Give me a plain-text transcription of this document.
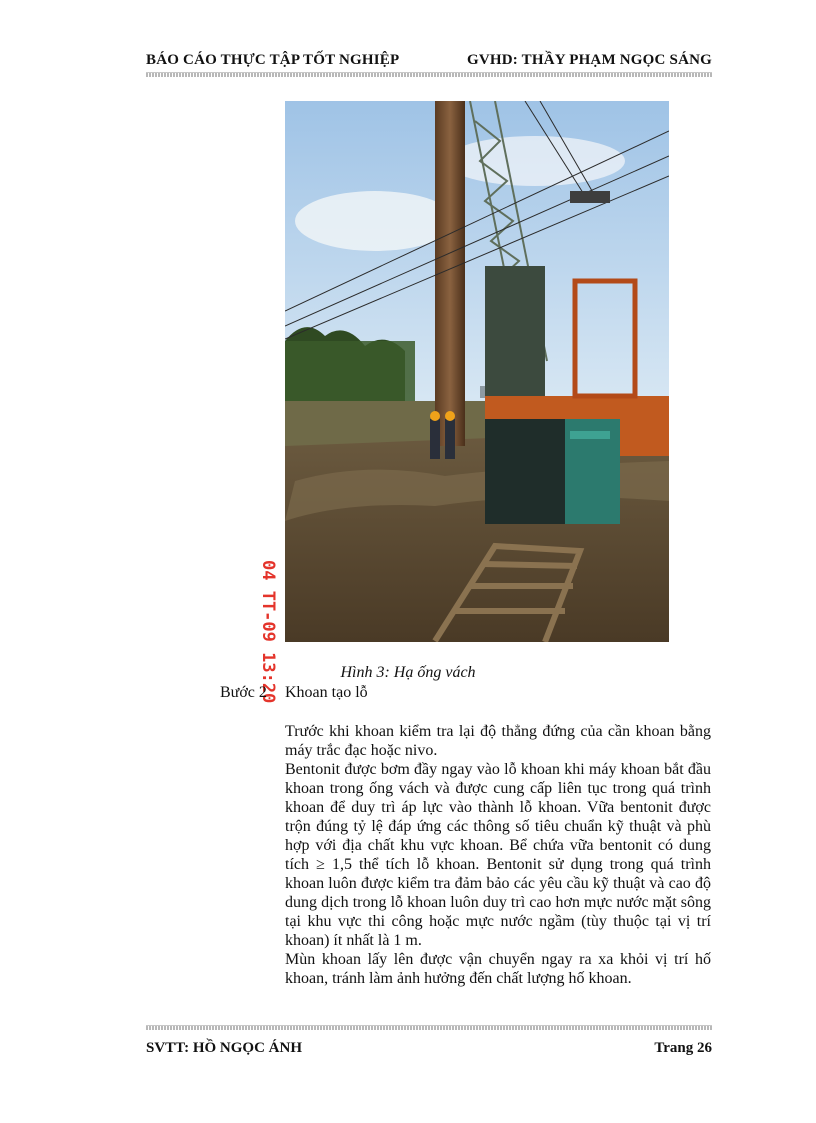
BÁO CÁO THỰC TẬP TỐT NGHIỆP	GVHD: THẦY PHẠM NGỌC SÁNG
04 TT-09 13:20	Hình 3: Hạ ống vách
Bước 2 Khoan tạo lỗ

Trước khi khoan kiểm tra lại độ thẳng đứng của cần khoan bằng máy trắc đạc hoặc nivo.

Bentonit được bơm đầy ngay vào lỗ khoan khi máy khoan bắt đầu khoan trong ống vách và được cung cấp liên tục trong quá trình khoan để duy trì áp lực vào thành lỗ khoan. Vữa bentonit được trộn đúng tỷ lệ đáp ứng các thông số tiêu chuẩn kỹ thuật và phù hợp với địa chất khu vực khoan. Bể chứa vữa bentonit có dung tích ≥ 1,5 thể tích lỗ khoan. Bentonit sử dụng trong quá trình khoan luôn được kiểm tra đảm bảo các yêu cầu kỹ thuật và cao độ dung dịch trong lỗ khoan luôn duy trì cao hơn mực nước mặt sông tại khu vực thi công hoặc mực nước ngầm (tùy thuộc tại vị trí khoan) ít nhất là 1 m.

Mùn khoan lấy lên được vận chuyển ngay ra xa khỏi vị trí hố khoan, tránh làm ảnh hưởng đến chất lượng hố khoan.

SVTT: HỒ NGỌC ÁNH	Trang 26
